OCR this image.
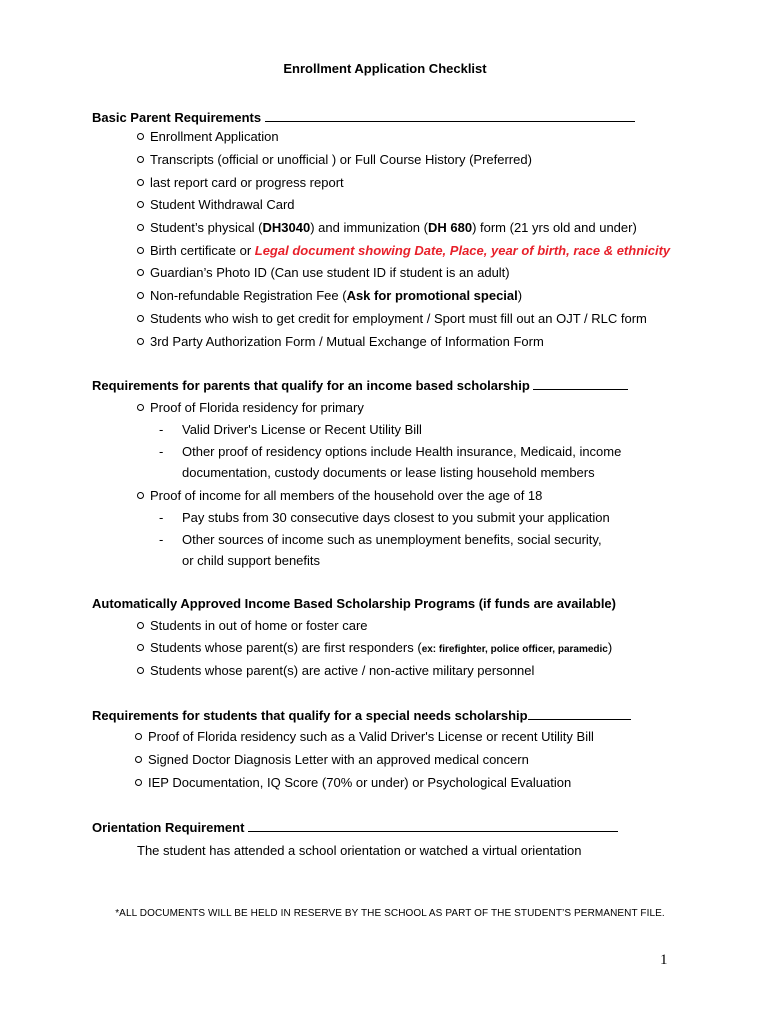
Enrollment Application Checklist
Basic Parent Requirements
Enrollment Application
Transcripts (official or unofficial ) or Full Course History (Preferred)
last report card or progress report
Student Withdrawal Card
Student’s physical (DH3040) and immunization (DH 680) form (21 yrs old and under)
Birth certificate or Legal document showing Date, Place, year of birth, race & ethnicity
Guardian’s Photo ID (Can use student ID if student is an adult)
Non-refundable Registration Fee (Ask for promotional special)
Students who wish to get credit for employment / Sport must fill out an OJT / RLC form
3rd Party Authorization Form / Mutual Exchange of Information Form
Requirements for parents that qualify for an income based scholarship
Proof of Florida residency for primary
- Valid Driver's License or Recent Utility Bill
- Other proof of residency options include Health insurance, Medicaid, income
documentation, custody documents or lease listing household members
Proof of income for all members of the household over the age of 18
- Pay stubs from 30 consecutive days closest to you submit your application
- Other sources of income such as unemployment benefits, social security,
or child support benefits
Automatically Approved Income Based Scholarship Programs (if funds are available)
Students in out of home or foster care
Students whose parent(s) are first responders (ex: firefighter, police officer, paramedic)
Students whose parent(s) are active / non-active military personnel
Requirements for students that qualify for a special needs scholarship
Proof of Florida residency such as a Valid Driver's License or recent Utility Bill
Signed Doctor Diagnosis Letter with an approved medical concern
IEP Documentation, IQ Score (70% or under) or Psychological Evaluation
Orientation Requirement
The student has attended a school orientation or watched a virtual orientation
*ALL DOCUMENTS WILL BE HELD IN RESERVE BY THE SCHOOL AS PART OF THE STUDENT’S PERMANENT FILE.
1
